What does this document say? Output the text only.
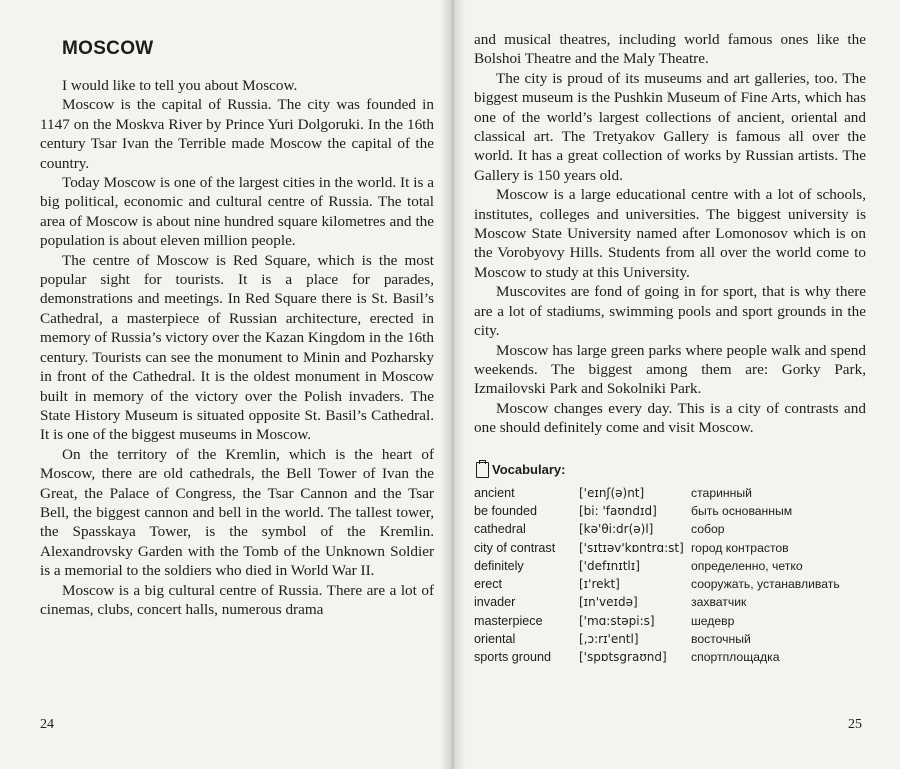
MOSCOW

I would like to tell you about Moscow.

Moscow is the capital of Russia. The city was founded in 1147 on the Moskva River by Prince Yuri Dolgoruki. In the 16th century Tsar Ivan the Terrible made Moscow the capital of the country.

Today Moscow is one of the largest cities in the world. It is a big political, economic and cultural centre of Russia. The total area of Moscow is about nine hundred square kilometres and the population is about eleven million people.

The centre of Moscow is Red Square, which is the most popular sight for tourists. It is a place for parades, demonstrations and meetings. In Red Square there is St. Basil’s Cathedral, a masterpiece of Russian architecture, erected in memory of Russia’s victory over the Kazan Kingdom in the 16th century. Tourists can see the monument to Minin and Pozharsky in front of the Cathedral. It is the oldest monument in Moscow built in memory of the victory over the Polish invaders. The State History Museum is situated opposite St. Basil’s Cathedral. It is one of the biggest museums in Moscow.

On the territory of the Kremlin, which is the heart of Moscow, there are old cathedrals, the Bell Tower of Ivan the Great, the Palace of Congress, the Tsar Cannon and the Tsar Bell, the biggest cannon and bell in the world. The tallest tower, the Spasskaya Tower, is the symbol of the Kremlin. Alexandrovsky Garden with the Tomb of the Unknown Soldier is a memorial to the soldiers who died in World War II.

Moscow is a big cultural centre of Russia. There are a lot of cinemas, clubs, concert halls, numerous drama

24

and musical theatres, including world famous ones like the Bolshoi Theatre and the Maly Theatre.

The city is proud of its museums and art galleries, too. The biggest museum is the Pushkin Museum of Fine Arts, which has one of the world’s largest collections of ancient, oriental and classical art. The Tretyakov Gallery is famous all over the world. It has a great collection of works by Russian artists. The Gallery is 150 years old.

Moscow is a large educational centre with a lot of schools, institutes, colleges and universities. The biggest university is Moscow State University named after Lomonosov which is on the Vorobyovy Hills. Students from all over the world come to Moscow to study at this University.

Muscovites are fond of going in for sport, that is why there are a lot of stadiums, swimming pools and sport grounds in the city.

Moscow has large green parks where people walk and spend weekends. The biggest among them are: Gorky Park, Izmailovski Park and Sokolniki Park.

Moscow changes every day. This is a city of contrasts and one should definitely come and visit Moscow.

Vocabulary:
ancient	['eɪnʃ(ə)nt]	старинный
be founded	[bi: 'faʊndɪd]	быть основанным
cathedral	[kə'θi:dr(ə)l]	собор
city of contrast	['sɪtɪəv'kɒntrɑ:st]	город контрастов
definitely	['defɪnɪtlɪ]	определенно, четко
erect	[ɪ'rekt]	сооружать, устанавливать
invader	[ɪn'veɪdə]	захватчик
masterpiece	['mɑ:stəpi:s]	шедевр
oriental	[,ɔ:rɪ'entl]	восточный
sports ground	['spɒtsgraʊnd]	спортплощадка
25
